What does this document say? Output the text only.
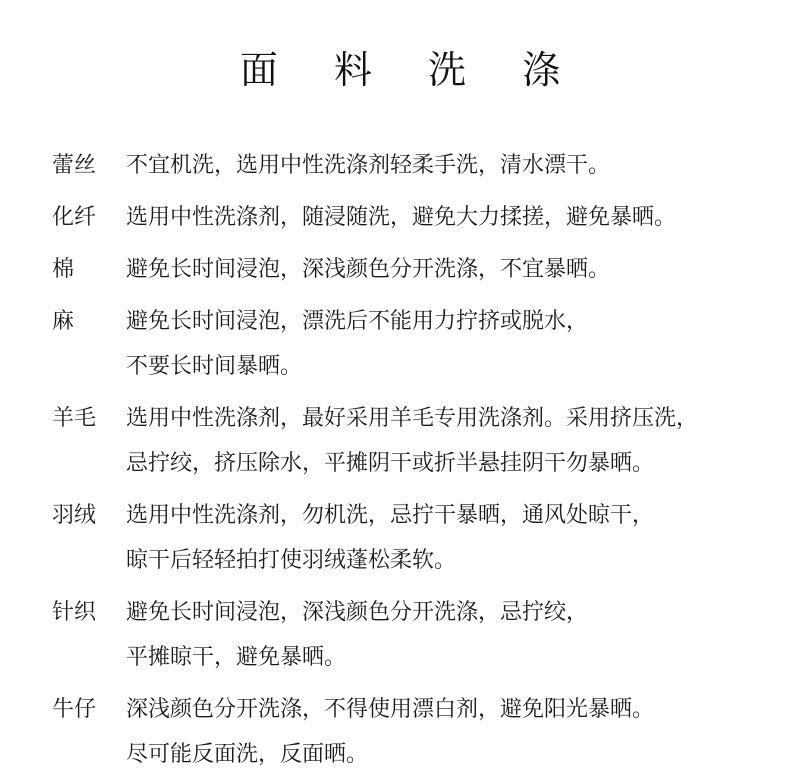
面 料 洗 涤
蕾丝	不宜机洗，选用中性洗涤剂轻柔手洗，清水漂干。
化纤	选用中性洗涤剂，随浸随洗，避免大力揉搓，避免暴晒。
棉	避免长时间浸泡，深浅颜色分开洗涤，不宜暴晒。
麻	避免长时间浸泡，漂洗后不能用力拧挤或脱水，
不要长时间暴晒。
羊毛	选用中性洗涤剂，最好采用羊毛专用洗涤剂。采用挤压洗，
忌拧绞，挤压除水，平摊阴干或折半悬挂阴干勿暴晒。
羽绒	选用中性洗涤剂，勿机洗，忌拧干暴晒，通风处晾干，
晾干后轻轻拍打使羽绒蓬松柔软。
针织	避免长时间浸泡，深浅颜色分开洗涤，忌拧绞，
平摊晾干，避免暴晒。
牛仔	深浅颜色分开洗涤，不得使用漂白剂，避免阳光暴晒。
尽可能反面洗，反面晒。
